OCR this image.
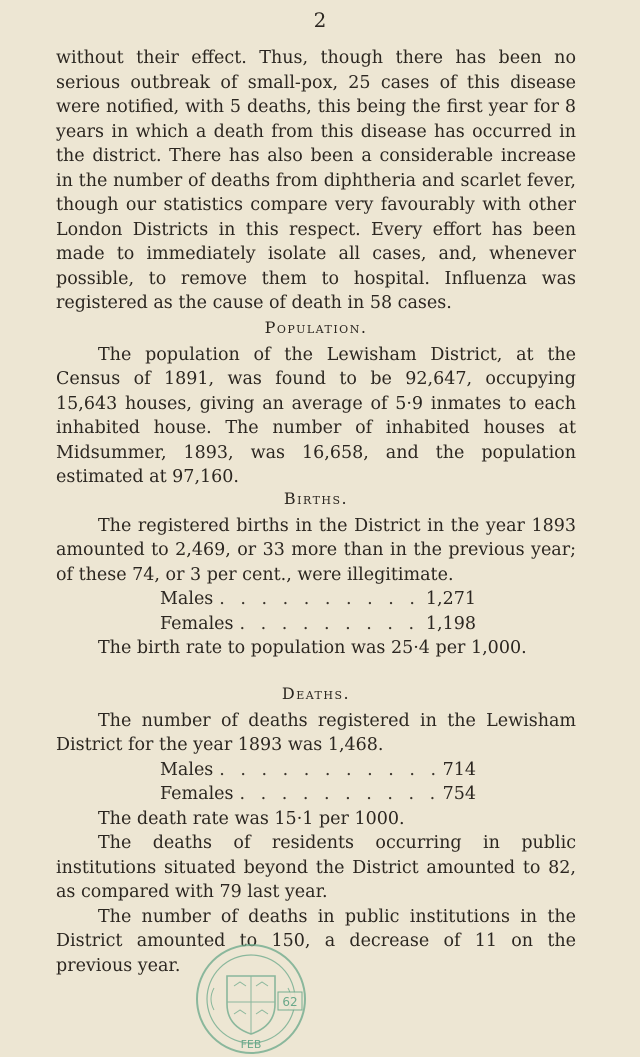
2

without their effect. Thus, though there has been no serious outbreak of small-pox, 25 cases of this disease were notified, with 5 deaths, this being the first year for 8 years in which a death from this disease has occurred in the district. There has also been a considerable increase in the number of deaths from diphtheria and scarlet fever, though our statistics compare very favourably with other London Districts in this respect. Every effort has been made to immediately isolate all cases, and, whenever possible, to remove them to hospital. Influenza was registered as the cause of death in 58 cases.

Population.

The population of the Lewisham District, at the Census of 1891, was found to be 92,647, occupying 15,643 houses, giving an average of 5·9 inmates to each inhabited house. The number of inhabited houses at Midsummer, 1893, was 16,658, and the population estimated at 97,160.

Births.

The registered births in the District in the year 1893 amounted to 2,469, or 33 more than in the previous year; of these 74, or 3 per cent., were illegitimate.

Males . . .	1,271
Females . . .	1,198

The birth rate to population was 25·4 per 1,000.

Deaths.

The number of deaths registered in the Lewisham District for the year 1893 was 1,468.

Males . . .	714
Females . . .	754

The death rate was 15·1 per 1000.

The deaths of residents occurring in public institutions situated beyond the District amounted to 82, as compared with 79 last year.

The number of deaths in public institutions in the District amounted to 150, a decrease of 11 on the previous year.

62
FEB
